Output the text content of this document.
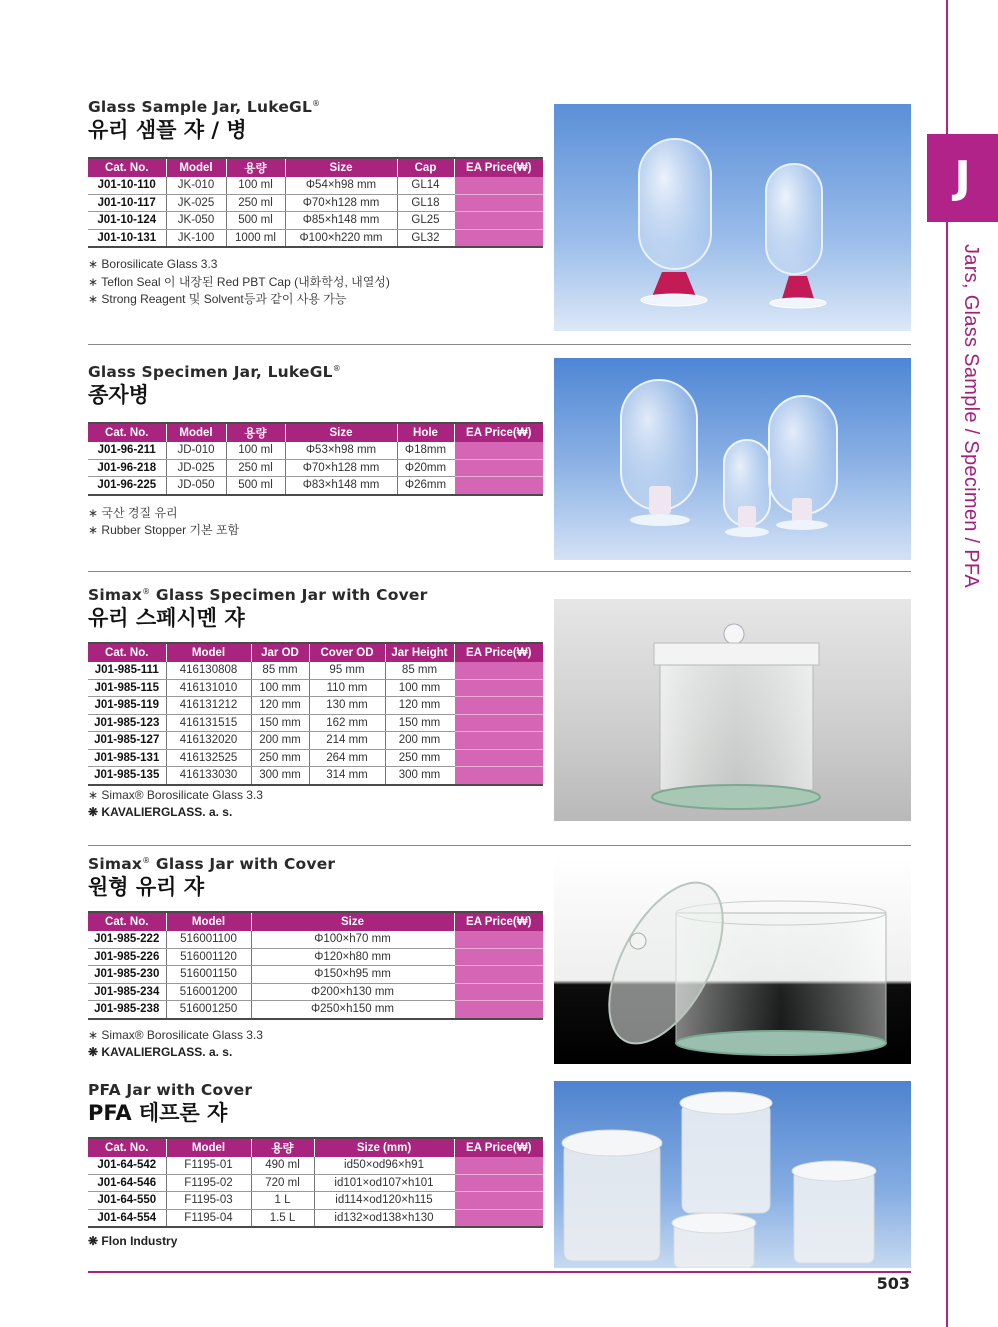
Glass Sample Jar, LukeGL®
유리 샘플 쟈 / 병
Cat. No.	Model	용량	Size	Cap	EA Price(₩)
J01-10-110	JK-010	100 ml	Φ54×h98 mm	GL14	
J01-10-117	JK-025	250 ml	Φ70×h128 mm	GL18	
J01-10-124	JK-050	500 ml	Φ85×h148 mm	GL25	
J01-10-131	JK-100	1000 ml	Φ100×h220 mm	GL32	
∗ Borosilicate Glass 3.3
∗ Teflon Seal 이 내장된 Red PBT Cap (내화학성, 내열성)
∗ Strong Reagent 및 Solvent등과 같이 사용 가능
Glass Specimen Jar, LukeGL®
종자병
Cat. No.	Model	용량	Size	Hole	EA Price(₩)
J01-96-211	JD-010	100 ml	Φ53×h98 mm	Φ18mm	
J01-96-218	JD-025	250 ml	Φ70×h128 mm	Φ20mm	
J01-96-225	JD-050	500 ml	Φ83×h148 mm	Φ26mm	
∗ 국산 경질 유리
∗ Rubber Stopper 기본 포함
Simax® Glass Specimen Jar with Cover
유리 스페시멘 쟈
Cat. No.	Model	Jar OD	Cover OD	Jar Height	EA Price(₩)
J01-985-111	416130808	85 mm	95 mm	85 mm	
J01-985-115	416131010	100 mm	110 mm	100 mm	
J01-985-119	416131212	120 mm	130 mm	120 mm	
J01-985-123	416131515	150 mm	162 mm	150 mm	
J01-985-127	416132020	200 mm	214 mm	200 mm	
J01-985-131	416132525	250 mm	264 mm	250 mm	
J01-985-135	416133030	300 mm	314 mm	300 mm	
∗ Simax® Borosilicate Glass 3.3
❋ KAVALIERGLASS. a. s.
Simax® Glass Jar with Cover
원형 유리 쟈
Cat. No.	Model	Size	EA Price(₩)
J01-985-222	516001100	Φ100×h70 mm	
J01-985-226	516001120	Φ120×h80 mm	
J01-985-230	516001150	Φ150×h95 mm	
J01-985-234	516001200	Φ200×h130 mm	
J01-985-238	516001250	Φ250×h150 mm	
∗ Simax® Borosilicate Glass 3.3
❋ KAVALIERGLASS. a. s.
PFA Jar with Cover
PFA 테프론 쟈
Cat. No.	Model	용량	Size (mm)	EA Price(₩)
J01-64-542	F1195-01	490 ml	id50×od96×h91	
J01-64-546	F1195-02	720 ml	id101×od107×h101	
J01-64-550	F1195-03	1 L	id114×od120×h115	
J01-64-554	F1195-04	1.5 L	id132×od138×h130	
❋ Flon Industry
J
Jars, Glass Sample / Specimen / PFA
503
